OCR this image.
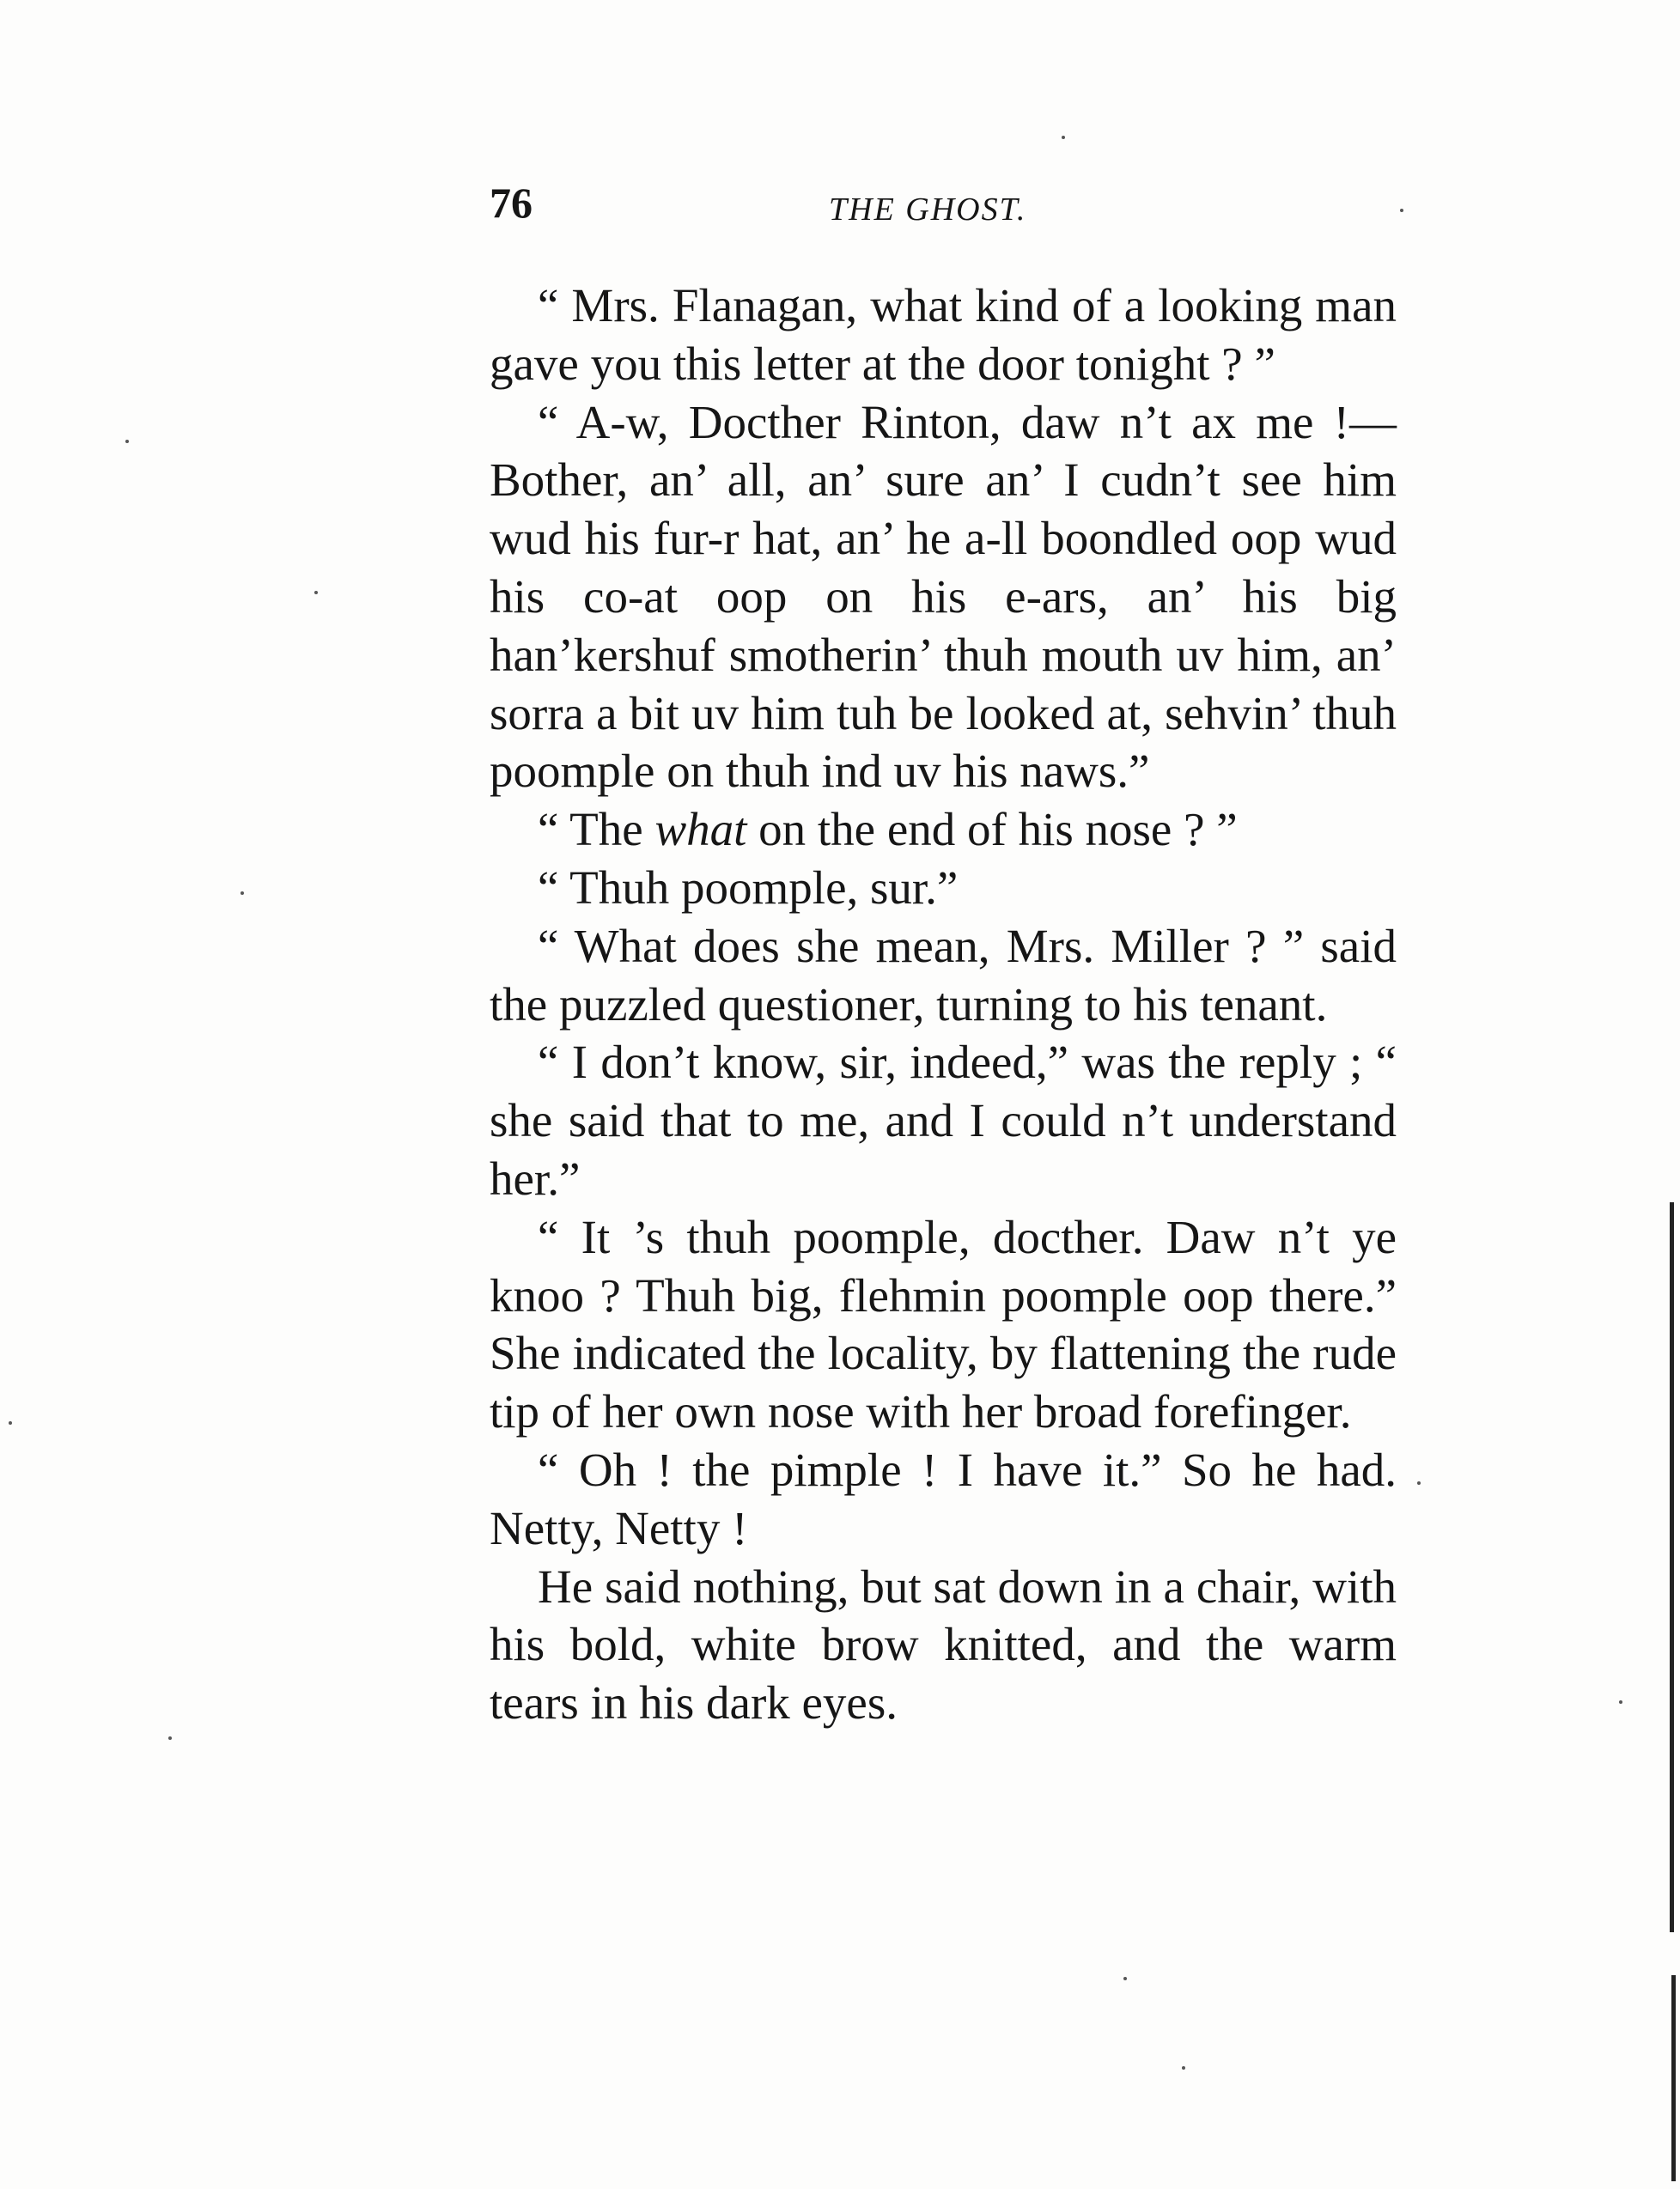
76	THE GHOST.

“ Mrs. Flanagan, what kind of a looking man gave you this letter at the door tonight ? ”

“ A-w, Docther Rinton, daw n’t ax me !— Bother, an’ all, an’ sure an’ I cudn’t see him wud his fur-r hat, an’ he a-ll boondled oop wud his co-at oop on his e-ars, an’ his big han’kershuf smotherin’ thuh mouth uv him, an’ sorra a bit uv him tuh be looked at, sehvin’ thuh poomple on thuh ind uv his naws.”

“ The what on the end of his nose ? ”

“ Thuh poomple, sur.”

“ What does she mean, Mrs. Miller ? ” said the puzzled questioner, turning to his tenant.

“ I don’t know, sir, indeed,” was the reply ; “ she said that to me, and I could n’t understand her.”

“ It ’s thuh poomple, docther. Daw n’t ye knoo ? Thuh big, flehmin poomple oop there.” She indicated the locality, by flattening the rude tip of her own nose with her broad forefinger.

“ Oh ! the pimple ! I have it.” So he had. Netty, Netty !

He said nothing, but sat down in a chair, with his bold, white brow knitted, and the warm tears in his dark eyes.
